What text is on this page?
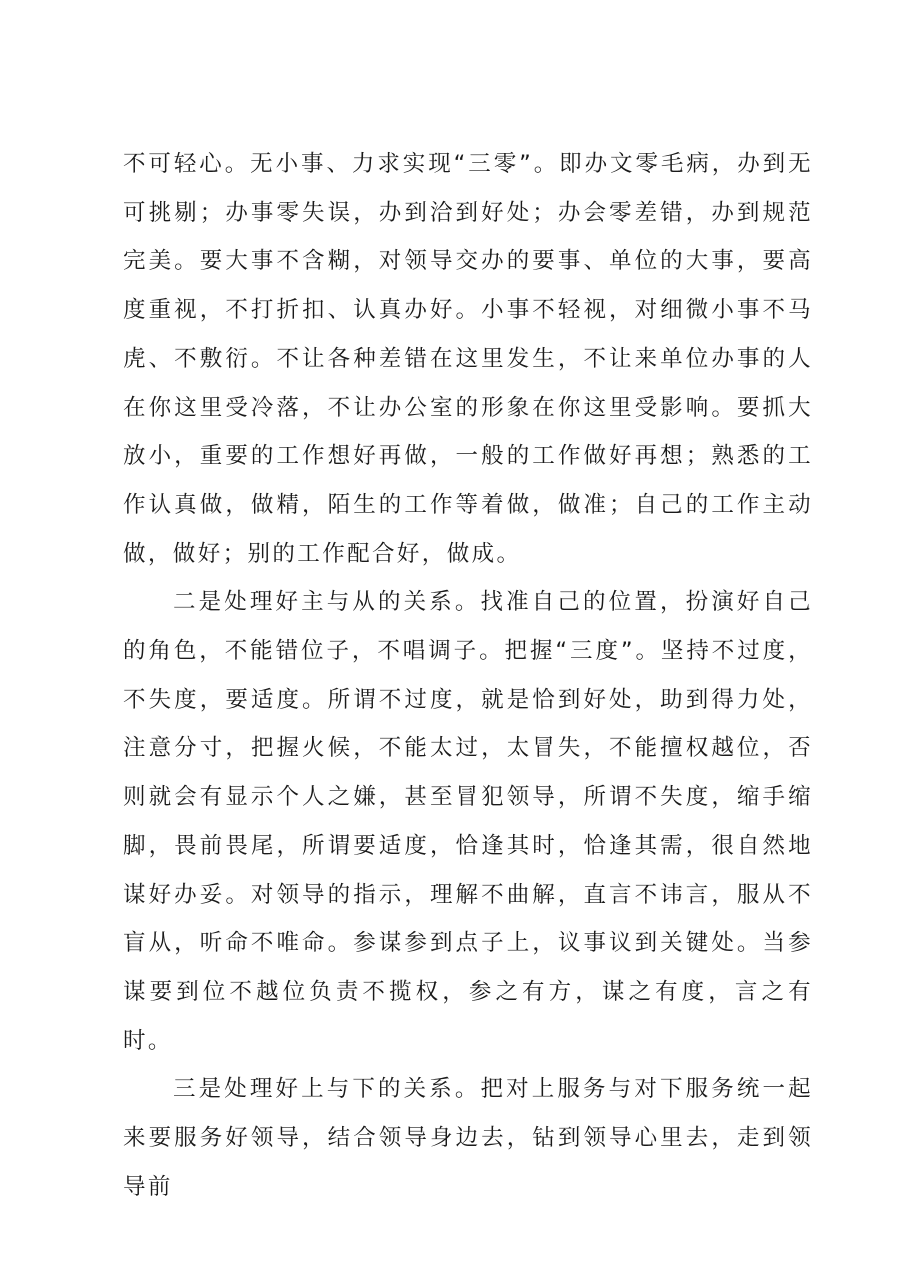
不可轻心。无小事、力求实现“三零”。即办文零毛病，办到无可挑剔；办事零失误，办到洽到好处；办会零差错，办到规范完美。要大事不含糊，对领导交办的要事、单位的大事，要高度重视，不打折扣、认真办好。小事不轻视，对细微小事不马虎、不敷衍。不让各种差错在这里发生，不让来单位办事的人在你这里受冷落，不让办公室的形象在你这里受影响。要抓大放小，重要的工作想好再做，一般的工作做好再想；熟悉的工作认真做，做精，陌生的工作等着做，做准；自己的工作主动做，做好；别的工作配合好，做成。

二是处理好主与从的关系。找准自己的位置，扮演好自己的角色，不能错位子，不唱调子。把握“三度”。坚持不过度，不失度，要适度。所谓不过度，就是恰到好处，助到得力处，注意分寸，把握火候，不能太过，太冒失，不能擅权越位，否则就会有显示个人之嫌，甚至冒犯领导，所谓不失度，缩手缩脚，畏前畏尾，所谓要适度，恰逢其时，恰逢其需，很自然地谋好办妥。对领导的指示，理解不曲解，直言不讳言，服从不盲从，听命不唯命。参谋参到点子上，议事议到关键处。当参谋要到位不越位负责不揽权，参之有方，谋之有度，言之有时。

三是处理好上与下的关系。把对上服务与对下服务统一起来要服务好领导，结合领导身边去，钻到领导心里去，走到领导前
